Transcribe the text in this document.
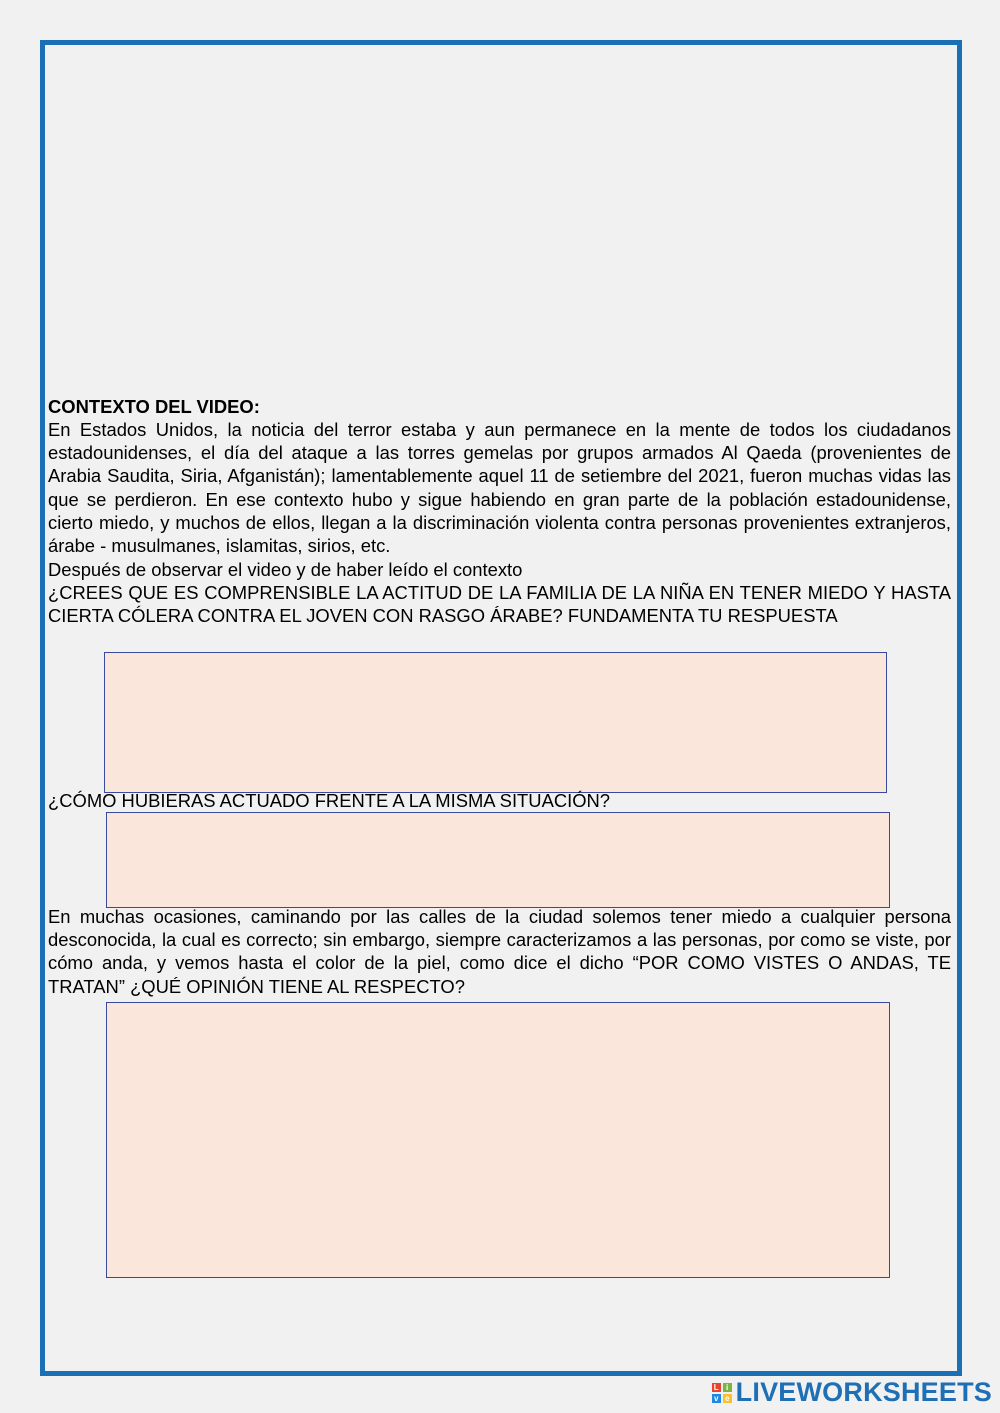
CONTEXTO DEL VIDEO:
En Estados Unidos, la noticia del terror estaba y aun permanece en la mente de todos los ciudadanos estadounidenses, el día del ataque a las torres gemelas por grupos armados Al Qaeda (provenientes de Arabia Saudita, Siria, Afganistán); lamentablemente aquel 11 de setiembre del 2021, fueron muchas vidas las que se perdieron. En ese contexto hubo y sigue habiendo en gran parte de la población estadounidense, cierto miedo, y muchos de ellos, llegan a la discriminación violenta contra personas provenientes extranjeros, árabe - musulmanes, islamitas, sirios, etc.
Después de observar el video y de haber leído el contexto
¿CREES QUE ES COMPRENSIBLE LA ACTITUD DE LA FAMILIA DE LA NIÑA EN TENER MIEDO Y HASTA CIERTA CÓLERA CONTRA EL JOVEN CON RASGO ÁRABE? FUNDAMENTA TU RESPUESTA
¿CÓMO HUBIERAS ACTUADO FRENTE A LA MISMA SITUACIÓN?
En muchas ocasiones, caminando por las calles de la ciudad solemos tener miedo a cualquier persona desconocida, la cual es correcto; sin embargo, siempre caracterizamos a las personas, por como se viste, por cómo anda, y vemos hasta el color de la piel, como dice el dicho “POR COMO VISTES O ANDAS, TE TRATAN” ¿QUÉ OPINIÓN TIENE AL RESPECTO?
L i
v e LIVEWORKSHEETS
